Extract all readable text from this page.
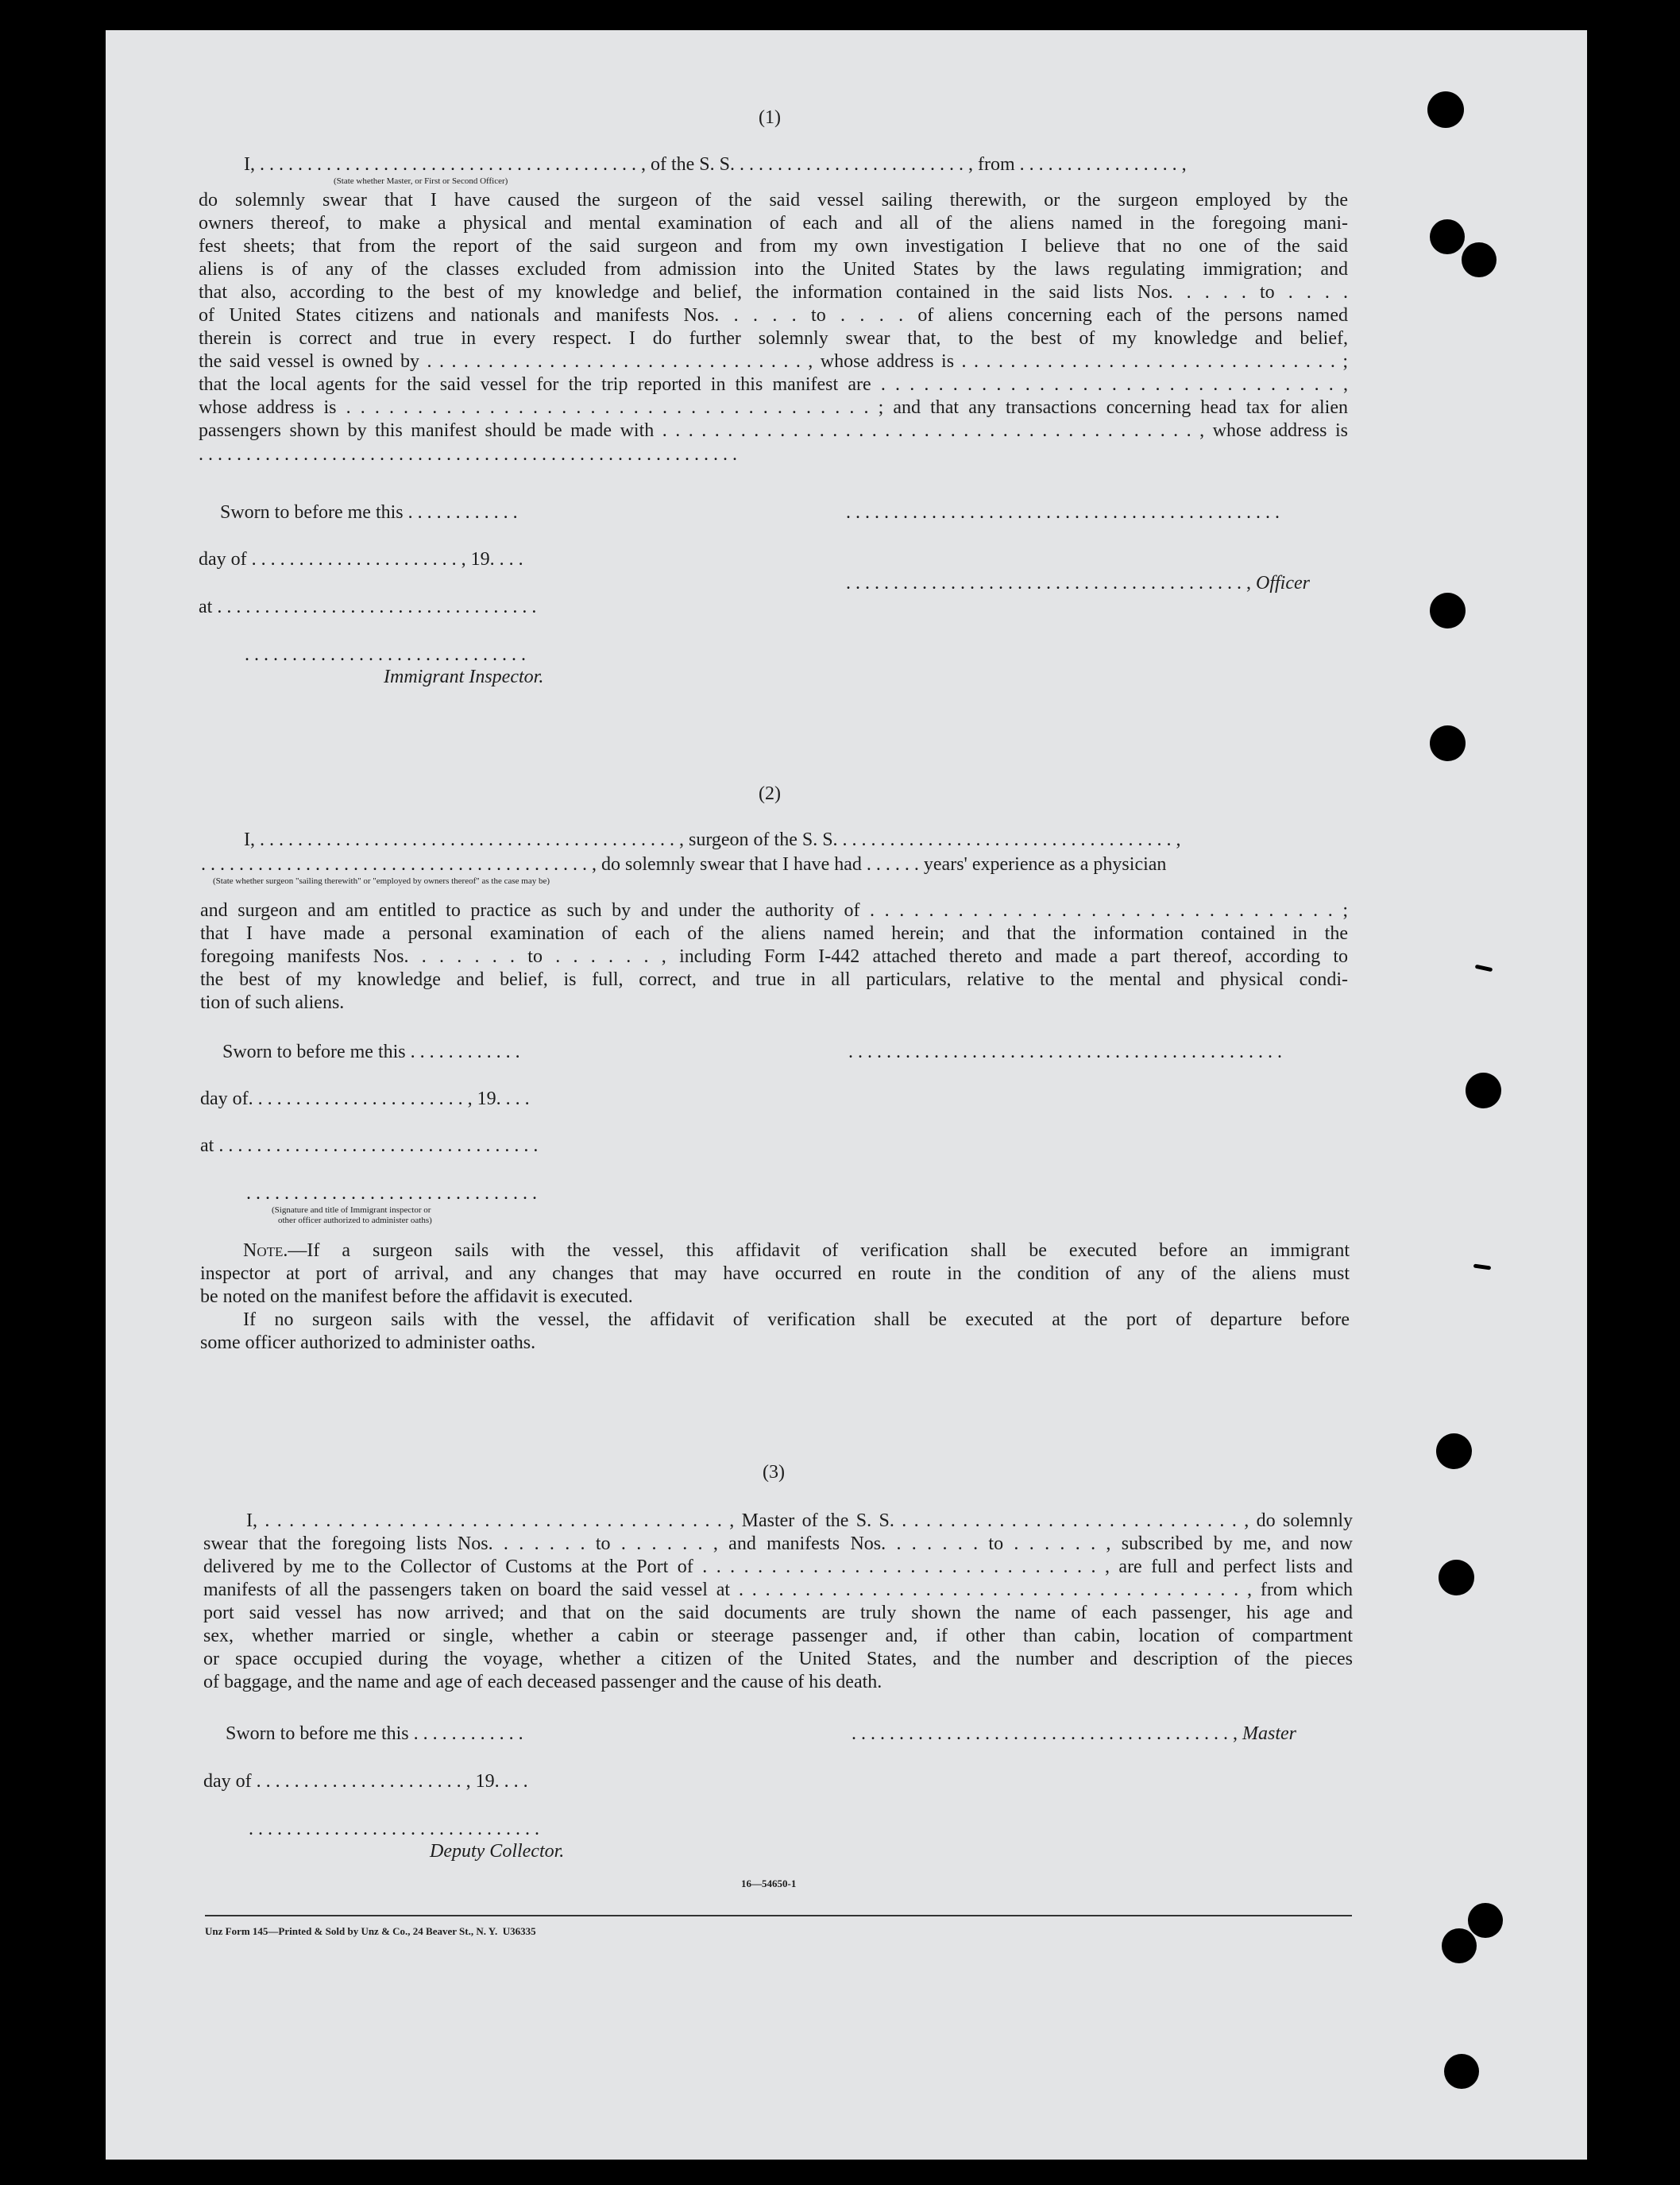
(1)
I, . . . . . . . . . . . . . . . . . . . . . . . . . . . . . . . . . . . . . . . . , of the S. S. . . . . . . . . . . . . . . . . . . . . . . . . , from . . . . . . . . . . . . . . . . . ,
(State whether Master, or First or Second Officer)
do solemnly swear that I have caused the surgeon of the said vessel sailing therewith, or the surgeon employed by the
owners thereof, to make a physical and mental examination of each and all of the aliens named in the foregoing mani-
fest sheets; that from the report of the said surgeon and from my own investigation I believe that no one of the said
aliens is of any of the classes excluded from admission into the United States by the laws regulating immigration; and
that also, according to the best of my knowledge and belief, the information contained in the said lists Nos. . . . . to . . . .
of United States citizens and nationals and manifests Nos. . . . . to . . . . of aliens concerning each of the persons named
therein is correct and true in every respect. I do further solemnly swear that, to the best of my knowledge and belief,
the said vessel is owned by . . . . . . . . . . . . . . . . . . . . . . . . . . . . . . . , whose address is . . . . . . . . . . . . . . . . . . . . . . . . . . . . . . . ;
that the local agents for the said vessel for the trip reported in this manifest are . . . . . . . . . . . . . . . . . . . . . . . . . . . . . . . . ,
whose address is . . . . . . . . . . . . . . . . . . . . . . . . . . . . . . . . . . . . . ; and that any transactions concerning head tax for alien
passengers shown by this manifest should be made with . . . . . . . . . . . . . . . . . . . . . . . . . . . . . . . . . . . . . . . . . , whose address is
. . . . . . . . . . . . . . . . . . . . . . . . . . . . . . . . . . . . . . . . . . . . . . . . . . . . . . . . .
Sworn to before me this . . . . . . . . . . . .	. . . . . . . . . . . . . . . . . . . . . . . . . . . . . . . . . . . . . . . . . . . . . .
day of . . . . . . . . . . . . . . . . . . . . . . , 19. . . .
. . . . . . . . . . . . . . . . . . . . . . . . . . . . . . . . . . . . . . . . . . , Officer
at . . . . . . . . . . . . . . . . . . . . . . . . . . . . . . . . . .
. . . . . . . . . . . . . . . . . . . . . . . . . . . . . .
Immigrant Inspector.
(2)
I, . . . . . . . . . . . . . . . . . . . . . . . . . . . . . . . . . . . . . . . . . . . . , surgeon of the S. S. . . . . . . . . . . . . . . . . . . . . . . . . . . . . . . . . . . . ,
. . . . . . . . . . . . . . . . . . . . . . . . . . . . . . . . . . . . . . . . . , do solemnly swear that I have had . . . . . . years' experience as a physician
(State whether surgeon "sailing therewith" or "employed by owners thereof" as the case may be)
and surgeon and am entitled to practice as such by and under the authority of . . . . . . . . . . . . . . . . . . . . . . . . . . . . . . . . ;
that I have made a personal examination of each of the aliens named herein; and that the information contained in the
foregoing manifests Nos. . . . . . . to . . . . . . , including Form I-442 attached thereto and made a part thereof, according to
the best of my knowledge and belief, is full, correct, and true in all particulars, relative to the mental and physical condi-
tion of such aliens.
Sworn to before me this . . . . . . . . . . . .	. . . . . . . . . . . . . . . . . . . . . . . . . . . . . . . . . . . . . . . . . . . . . .
day of. . . . . . . . . . . . . . . . . . . . . . . , 19. . . .
at . . . . . . . . . . . . . . . . . . . . . . . . . . . . . . . . . .
. . . . . . . . . . . . . . . . . . . . . . . . . . . . . . .
(Signature and title of Immigrant inspector or
other officer authorized to administer oaths)
Note.—If a surgeon sails with the vessel, this affidavit of verification shall be executed before an immigrant
inspector at port of arrival, and any changes that may have occurred en route in the condition of any of the aliens must
be noted on the manifest before the affidavit is executed.
If no surgeon sails with the vessel, the affidavit of verification shall be executed at the port of departure before
some officer authorized to administer oaths.
(3)
I, . . . . . . . . . . . . . . . . . . . . . . . . . . . . . . . . . . . . . . , Master of the S. S. . . . . . . . . . . . . . . . . . . . . . . . . . . . . , do solemnly
swear that the foregoing lists Nos. . . . . . . to . . . . . . , and manifests Nos. . . . . . . to . . . . . . , subscribed by me, and now
delivered by me to the Collector of Customs at the Port of . . . . . . . . . . . . . . . . . . . . . . . . . . . . . , are full and perfect lists and
manifests of all the passengers taken on board the said vessel at . . . . . . . . . . . . . . . . . . . . . . . . . . . . . . . . . . . . . . , from which
port said vessel has now arrived; and that on the said documents are truly shown the name of each passenger, his age and
sex, whether married or single, whether a cabin or steerage passenger and, if other than cabin, location of compartment
or space occupied during the voyage, whether a citizen of the United States, and the number and description of the pieces
of baggage, and the name and age of each deceased passenger and the cause of his death.
Sworn to before me this . . . . . . . . . . . .	. . . . . . . . . . . . . . . . . . . . . . . . . . . . . . . . . . . . . . . . , Master
day of . . . . . . . . . . . . . . . . . . . . . . , 19. . . .
. . . . . . . . . . . . . . . . . . . . . . . . . . . . . . .
Deputy Collector.
16—54650-1
Unz Form 145—Printed & Sold by Unz & Co., 24 Beaver St., N. Y.  U36335
